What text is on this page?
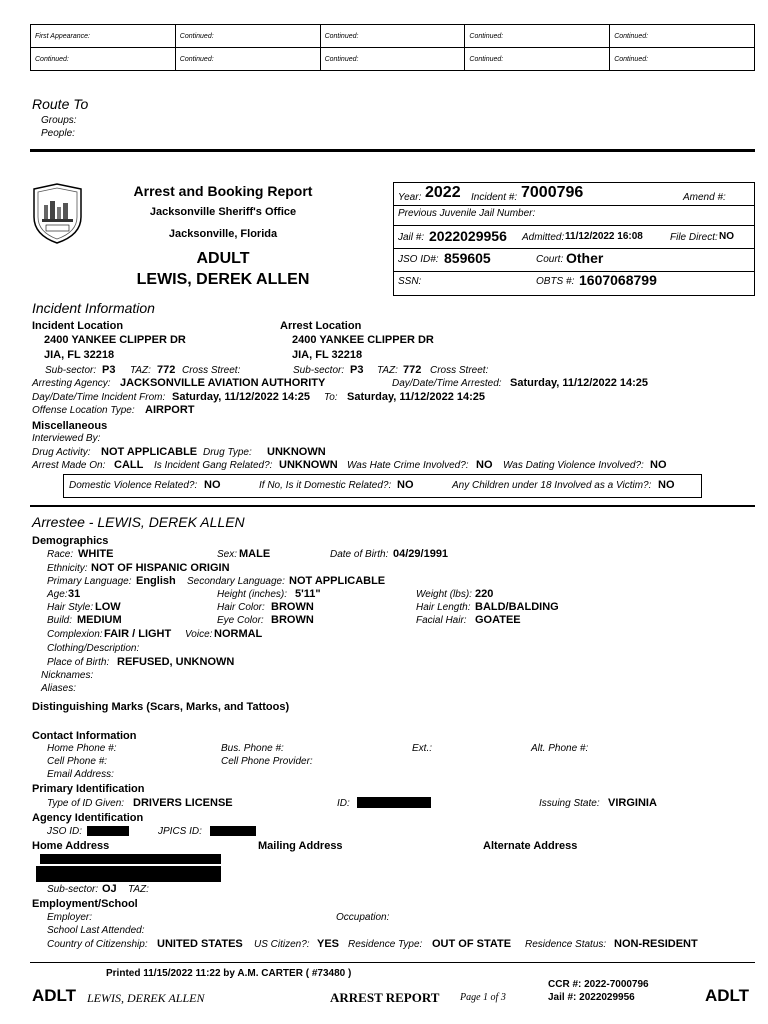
First Appearance:	Continued:	Continued:	Continued:	Continued:
Continued:	Continued:	Continued:	Continued:	Continued:
Route To
Groups:
People:
Arrest and Booking Report
Jacksonville Sheriff's Office
Jacksonville, Florida
ADULT
LEWIS, DEREK ALLEN
Year: 2022 Incident #: 7000796	Amend #:
Previous Juvenile Jail Number:
Jail #: 2022029956 Admitted: 11/12/2022 16:08	File Direct: NO
JSO ID#: 859605	Court: Other
SSN:	OBTS #: 1607068799
Incident Information
Incident Location
2400 YANKEE CLIPPER DR
JIA, FL 32218
Arrest Location
2400 YANKEE CLIPPER DR
JIA, FL 32218
Sub-sector: P3 TAZ: 772 Cross Street:	Sub-sector: P3 TAZ: 772 Cross Street:
Arresting Agency: JACKSONVILLE AVIATION AUTHORITY	Day/Date/Time Arrested: Saturday, 11/12/2022 14:25
Day/Date/Time Incident From: Saturday, 11/12/2022 14:25 To: Saturday, 11/12/2022 14:25
Offense Location Type: AIRPORT
Miscellaneous
Interviewed By:
Drug Activity: NOT APPLICABLE Drug Type: UNKNOWN
Arrest Made On: CALL Is Incident Gang Related?: UNKNOWN Was Hate Crime Involved?: NO Was Dating Violence Involved?: NO
Domestic Violence Related?: NO	If No, Is it Domestic Related?: NO	Any Children under 18 Involved as a Victim?: NO
Arrestee - LEWIS, DEREK ALLEN
Demographics
Race: WHITE	Sex: MALE	Date of Birth: 04/29/1991
Ethnicity: NOT OF HISPANIC ORIGIN
Primary Language: English Secondary Language: NOT APPLICABLE
Age: 31	Height (inches): 5'11"	Weight (lbs): 220
Hair Style: LOW	Hair Color: BROWN	Hair Length: BALD/BALDING
Build: MEDIUM	Eye Color: BROWN	Facial Hair: GOATEE
Complexion: FAIR / LIGHT Voice: NORMAL
Clothing/Description:
Place of Birth: REFUSED, UNKNOWN
Nicknames:
Aliases:
Distinguishing Marks (Scars, Marks, and Tattoos)
Contact Information
Home Phone #:	Bus. Phone #:	Ext.:	Alt. Phone #:
Cell Phone #:	Cell Phone Provider:
Email Address:
Primary Identification
Type of ID Given: DRIVERS LICENSE	ID:	Issuing State: VIRGINIA
Agency Identification
JSO ID:	JPICS ID:
Home Address	Mailing Address	Alternate Address
Sub-sector: OJ TAZ:
Employment/School
Employer:	Occupation:
School Last Attended:
Country of Citizenship: UNITED STATES US Citizen?: YES Residence Type: OUT OF STATE Residence Status: NON-RESIDENT
Printed 11/15/2022 11:22 by A.M. CARTER ( #73480 )
ADLT LEWIS, DEREK ALLEN	ARREST REPORT Page 1 of 3
CCR #: 2022-7000796
Jail #: 2022029956	ADLT
